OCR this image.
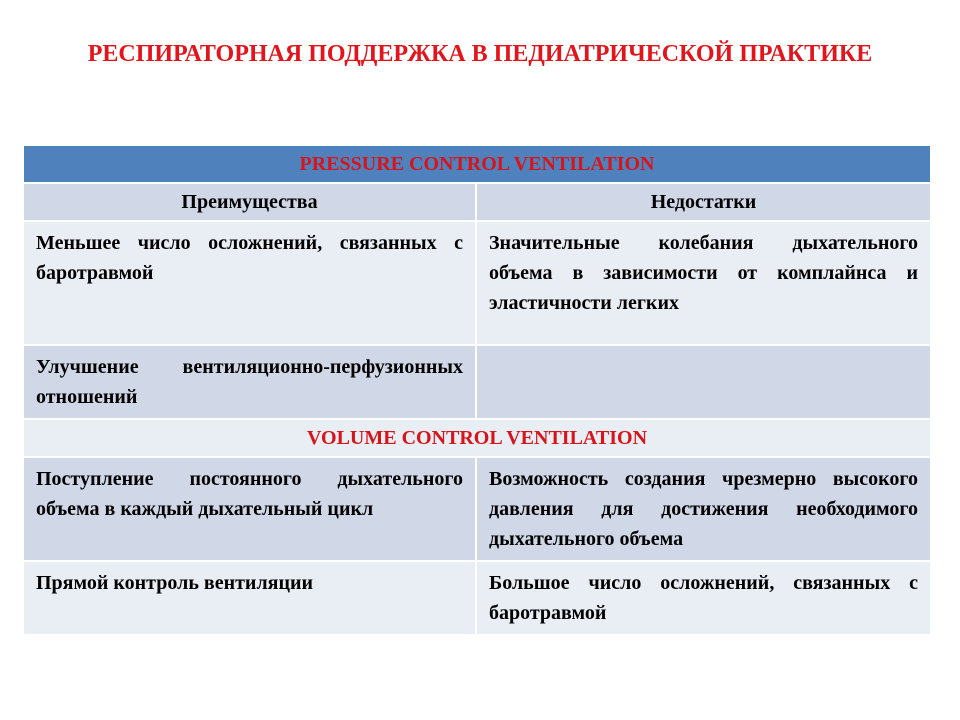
РЕСПИРАТОРНАЯ ПОДДЕРЖКА В ПЕДИАТРИЧЕСКОЙ ПРАКТИКЕ
PRESSURE CONTROL VENTILATION	
Преимущества	Недостатки
Меньшее число осложнений, связанных с баротравмой	Значительные колебания дыхательного объема в зависимости от комплайнса и эластичности легких
Улучшение вентиляционно-перфузионных отношений	
VOLUME CONTROL VENTILATION	
Поступление постоянного дыхательного объема в каждый дыхательный цикл	Возможность создания чрезмерно высокого давления для достижения необходимого дыхательного объема
Прямой контроль вентиляции	Большое число осложнений, связанных с баротравмой
